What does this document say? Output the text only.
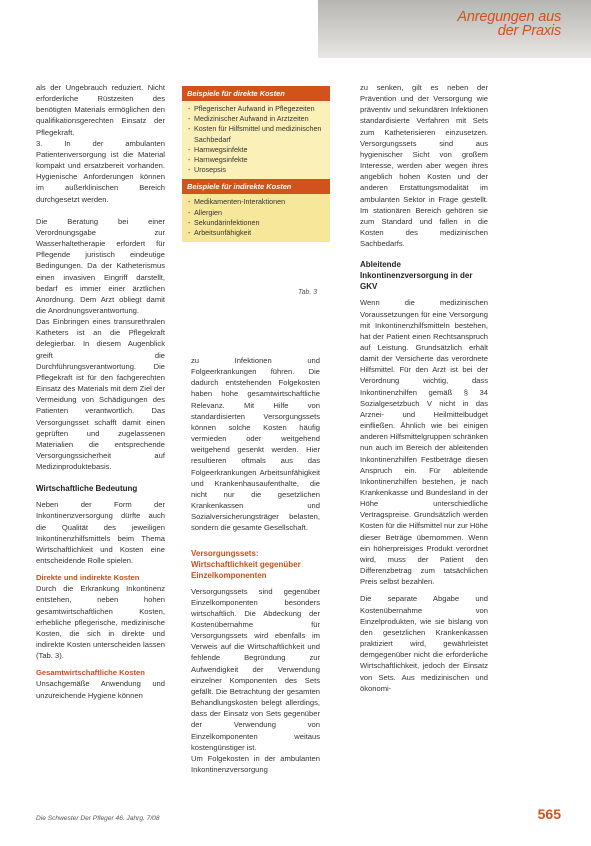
Anregungen aus
der Praxis

als der Ungebrauch reduziert. Nicht erforderliche Rüstzeiten des benötigten Materials ermöglichen den qualifikationsgerechten Einsatz der Pflegekraft.

3. In der ambulanten Patientenversorgung ist die Material kompakt und ersatzbereit vorhanden. Hygienische Anforderungen können im außerklinischen Bereich durchgesetzt werden.

Die Beratung bei einer Verordnungsgabe zur Wasserhaltetherapie erfordert für Pflegende juristisch eindeutige Bedingungen. Da der Katheterismus einen invasiven Eingriff darstellt, bedarf es immer einer ärztlichen Anordnung. Dem Arzt obliegt damit die Anordnungsverantwortung.

Das Einbringen eines transurethralen Katheters ist an die Pflegekraft delegierbar. In diesem Augenblick greift die Durchführungsverantwortung. Die Pflegekraft ist für den fachgerechten Einsatz des Materials mit dem Ziel der Vermeidung von Schädigungen des Patienten verantwortlich. Das Versorgungsset schafft damit einen geprüften und zugelassenen Materialien die entsprechende Versorgungssicherheit auf Medizinproduktebasis.

Wirtschaftliche Bedeutung

Neben der Form der Inkontinenzversorgung dürfte auch die Qualität des jeweiligen Inkontinenzhilfsmittels beim Thema Wirtschaftlichkeit und Kosten eine entscheidende Rolle spielen.

Direkte und indirekte Kosten

Durch die Erkrankung Inkontinenz entstehen, neben hohen gesamtwirtschaftlichen Kosten, erhebliche pflegerische, medizinische Kosten, die sich in direkte und indirekte Kosten unterscheiden lassen (Tab. 3).

Gesamtwirtschaftliche Kosten

Unsachgemäße Anwendung und unzureichende Hygiene können

Beispiele für direkte Kosten
- Pflegerischer Aufwand in Pflegezeiten
- Medizinischer Aufwand in Arztzeiten
- Kosten für Hilfsmittel und medizinischen Sachbedarf
- Harnwegsinfekte
- Harnwegsinfekte
- Urosepsis
Beispiele für indirekte Kosten
- Medikamenten-Interaktionen
- Allergien
- Sekundärinfektionen
- Arbeitsunfähigkeit
Tab. 3

zu Infektionen und Folgeerkrankungen führen. Die dadurch entstehenden Folgekosten haben hohe gesamtwirtschaftliche Relevanz. Mit Hilfe von standardisierten Versorgungssets können solche Kosten häufig vermieden oder weitgehend weitgehend gesenkt werden. Hier resultieren oftmals aus das Folgeerkrankungen Arbeitsunfähigkeit und Krankenhausaufenthalte, die nicht nur die gesetzlichen Krankenkassen und Sozialversicherungsträger belasten, sondern die gesamte Gesellschaft.

Versorgungssets: Wirtschaftlichkeit gegenüber Einzelkomponenten

Versorgungssets sind gegenüber Einzelkomponenten besonders wirtschaftlich. Die Abdeckung der Kostenübernahme für Versorgungssets wird ebenfalls im Verweis auf die Wirtschaftlichkeit und fehlende Begründung zur Aufwendigkeit der Verwendung einzelner Komponenten des Sets gefällt. Die Betrachtung der gesamten Behandlungskosten belegt allerdings, dass der Einsatz von Sets gegenüber der Verwendung von Einzelkomponenten weitaus kostengünstiger ist.

Um Folgekosten in der ambulanten Inkontinenzversorgung

zu senken, gilt es neben der Prävention und der Versorgung wie präventiv und sekundären Infektionen standardisierte Verfahren mit Sets zum Katheterisieren einzusetzen. Versorgungssets sind aus hygienischer Sicht von großem Interesse, werden aber wegen ihres angeblich hohen Kosten und der anderen Erstattungsmodalität im ambulanten Sektor in Frage gestellt. Im stationären Bereich gehören sie zum Standard und fallen in die Kosten des medizinischen Sachbedarfs.

Ableitende Inkontinenzversorgung in der GKV

Wenn die medizinischen Voraussetzungen für eine Versorgung mit Inkontinenzhilfsmitteln bestehen, hat der Patient einen Rechtsanspruch auf Leistung. Grundsätzlich erhält damit der Versicherte das verordnete Hilfsmittel. Für den Arzt ist bei der Verordnung wichtig, dass Inkontinenzhilfen gemäß § 34 Sozialgesetzbuch V nicht in das Arznei- und Heilmittelbudget einfließen. Ähnlich wie bei einigen anderen Hilfsmittelgruppen schränken nun auch im Bereich der ableitenden Inkontinenzhilfen Festbeträge diesen Anspruch ein. Für ableitende Inkontinenzhilfen bestehen, je nach Krankenkasse und Bundesland in der Höhe unterschiedliche Vertragspreise. Grundsätzlich werden Kosten für die Hilfsmittel nur zur Höhe dieser Beträge übernommen. Wenn ein höherpreisiges Produkt verordnet wird, muss der Patient den Differenzbetrag zum tatsächlichen Preis selbst bezahlen.

Die separate Abgabe und Kostenübernahme von Einzelprodukten, wie sie bislang von den gesetzlichen Krankenkassen praktiziert wird, gewährleistet demgegenüber nicht die erforderliche Wirtschaftlichkeit, jedoch der Einsatz von Sets. Aus medizinischen und ökonomi-

Die Schwester Der Pfleger 46. Jahrg. 7/08	565
